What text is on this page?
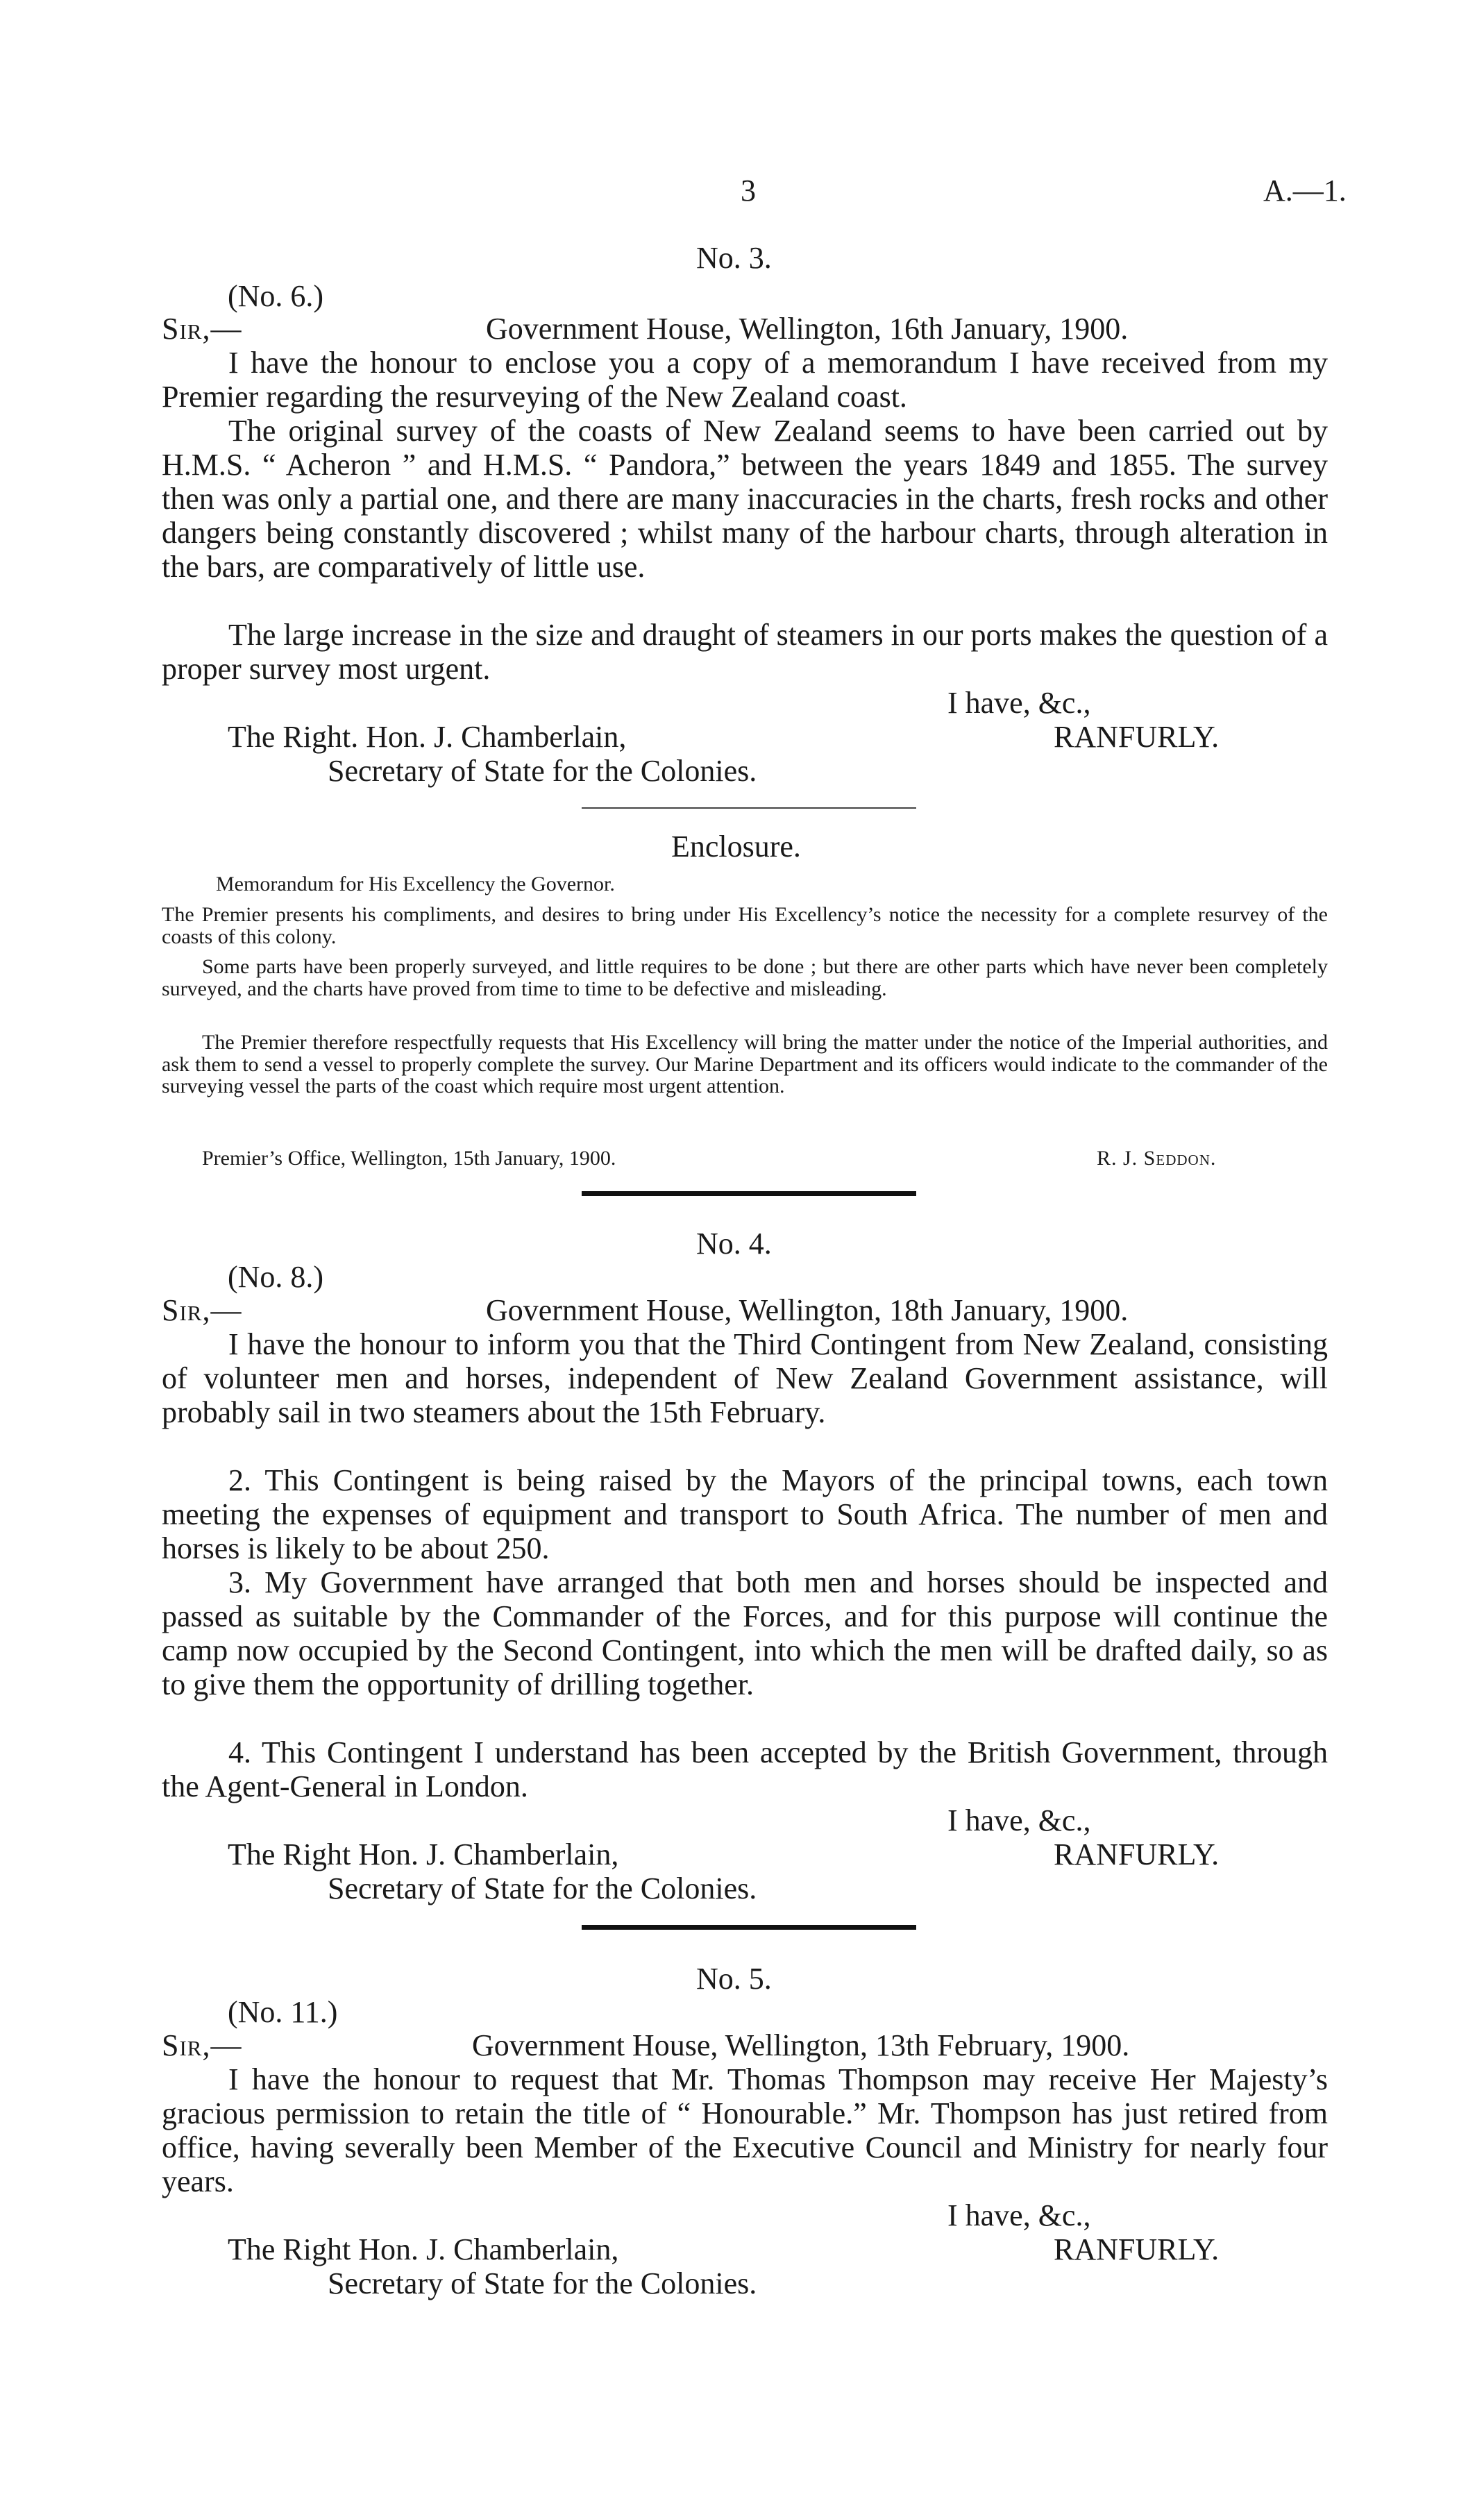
3	A.—1.
No. 3.
(No. 6.)
Sir,—	Government House, Wellington, 16th January, 1900.
I have the honour to enclose you a copy of a memorandum I have received from my Premier regarding the resurveying of the New Zealand coast.
The original survey of the coasts of New Zealand seems to have been carried out by H.M.S. “ Acheron ” and H.M.S. “ Pandora,” between the years 1849 and 1855. The survey then was only a partial one, and there are many inaccuracies in the charts, fresh rocks and other dangers being constantly discovered ; whilst many of the harbour charts, through alteration in the bars, are comparatively of little use.
The large increase in the size and draught of steamers in our ports makes the question of a proper survey most urgent.
I have, &c.,
The Right. Hon. J. Chamberlain,	RANFURLY.
Secretary of State for the Colonies.
Enclosure.
Memorandum for His Excellency the Governor.
The Premier presents his compliments, and desires to bring under His Excellency’s notice the necessity for a complete resurvey of the coasts of this colony.
Some parts have been properly surveyed, and little requires to be done ; but there are other parts which have never been completely surveyed, and the charts have proved from time to time to be defective and misleading.
The Premier therefore respectfully requests that His Excellency will bring the matter under the notice of the Imperial authorities, and ask them to send a vessel to properly complete the survey. Our Marine Department and its officers would indicate to the commander of the surveying vessel the parts of the coast which require most urgent attention.
Premier’s Office, Wellington, 15th January, 1900.	R. J. Seddon.
No. 4.
(No. 8.)
Sir,—	Government House, Wellington, 18th January, 1900.
I have the honour to inform you that the Third Contingent from New Zealand, consisting of volunteer men and horses, independent of New Zealand Government assistance, will probably sail in two steamers about the 15th February.
2. This Contingent is being raised by the Mayors of the principal towns, each town meeting the expenses of equipment and transport to South Africa. The number of men and horses is likely to be about 250.
3. My Government have arranged that both men and horses should be inspected and passed as suitable by the Commander of the Forces, and for this purpose will continue the camp now occupied by the Second Contingent, into which the men will be drafted daily, so as to give them the opportunity of drilling together.
4. This Contingent I understand has been accepted by the British Government, through the Agent-General in London.
I have, &c.,
The Right Hon. J. Chamberlain,	RANFURLY.
Secretary of State for the Colonies.
No. 5.
(No. 11.)
Sir,—	Government House, Wellington, 13th February, 1900.
I have the honour to request that Mr. Thomas Thompson may receive Her Majesty’s gracious permission to retain the title of “ Honourable.” Mr. Thompson has just retired from office, having severally been Member of the Executive Council and Ministry for nearly four years.
I have, &c.,
The Right Hon. J. Chamberlain,	RANFURLY.
Secretary of State for the Colonies.
